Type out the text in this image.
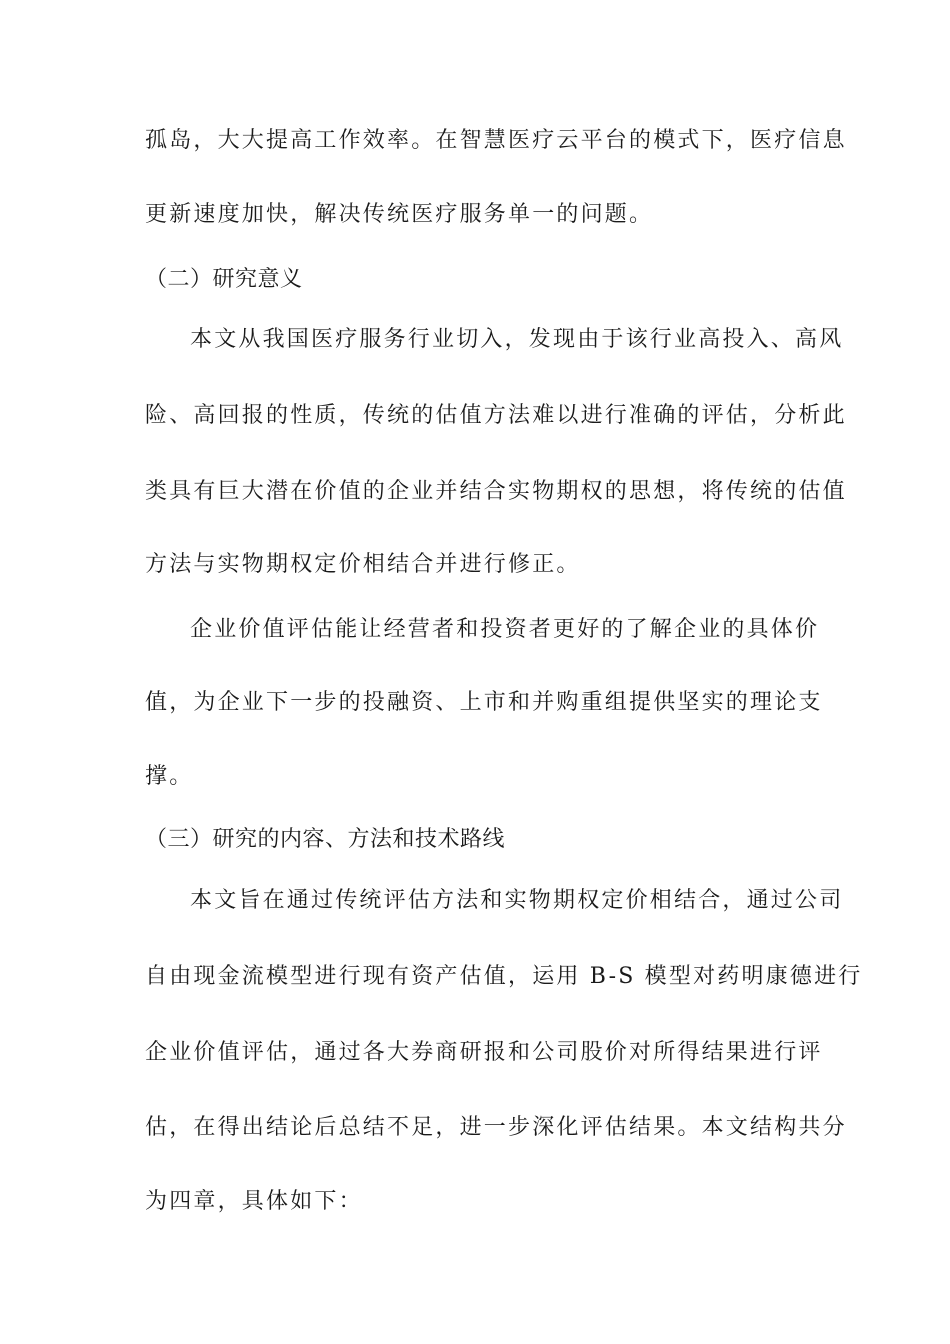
孤岛，大大提高工作效率。在智慧医疗云平台的模式下，医疗信息
更新速度加快，解决传统医疗服务单一的问题。
（二）研究意义
本文从我国医疗服务行业切入，发现由于该行业高投入、高风
险、高回报的性质，传统的估值方法难以进行准确的评估，分析此
类具有巨大潜在价值的企业并结合实物期权的思想，将传统的估值
方法与实物期权定价相结合并进行修正。
企业价值评估能让经营者和投资者更好的了解企业的具体价
值，为企业下一步的投融资、上市和并购重组提供坚实的理论支
撑。
（三）研究的内容、方法和技术路线
本文旨在通过传统评估方法和实物期权定价相结合，通过公司
自由现金流模型进行现有资产估值，运用 B-S 模型对药明康德进行
企业价值评估，通过各大券商研报和公司股价对所得结果进行评
估，在得出结论后总结不足，进一步深化评估结果。本文结构共分
为四章，具体如下：
